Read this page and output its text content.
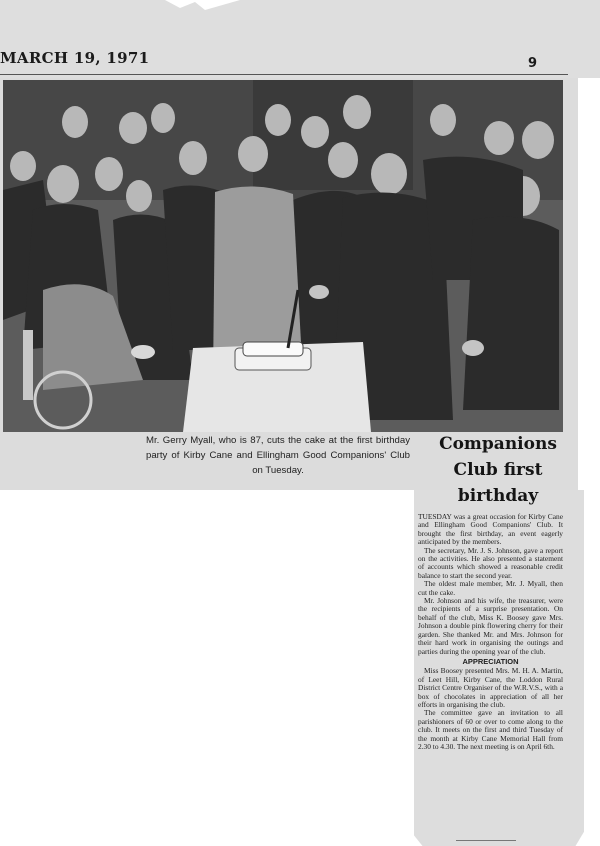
MARCH 19, 1971	9
Mr. Gerry Myall, who is 87, cuts the cake at the first birthday party of Kirby Cane and Ellingham Good Companions' Club on Tuesday.
Companions Club first birthday

TUESDAY was a great occasion for Kirby Cane and Ellingham Good Companions' Club. It brought the first birthday, an event eagerly anticipated by the members.

The secretary, Mr. J. S. Johnson, gave a report on the activities. He also presented a statement of accounts which showed a reasonable credit balance to start the second year.

The oldest male member, Mr. J. Myall, then cut the cake.

Mr. Johnson and his wife, the treasurer, were the recipients of a surprise presentation. On behalf of the club, Miss K. Boosey gave Mrs. Johnson a double pink flowering cherry for their garden. She thanked Mr. and Mrs. Johnson for their hard work in organising the outings and parties during the opening year of the club.

APPRECIATION

Miss Boosey presented Mrs. M. H. A. Martin, of Leet Hill, Kirby Cane, the Loddon Rural District Centre Organiser of the W.R.V.S., with a box of chocolates in appreciation of all her efforts in organising the club.

The committee gave an invitation to all parishioners of 60 or over to come along to the club. It meets on the first and third Tuesday of the month at Kirby Cane Memorial Hall from 2.30 to 4.30. The next meeting is on April 6th.
